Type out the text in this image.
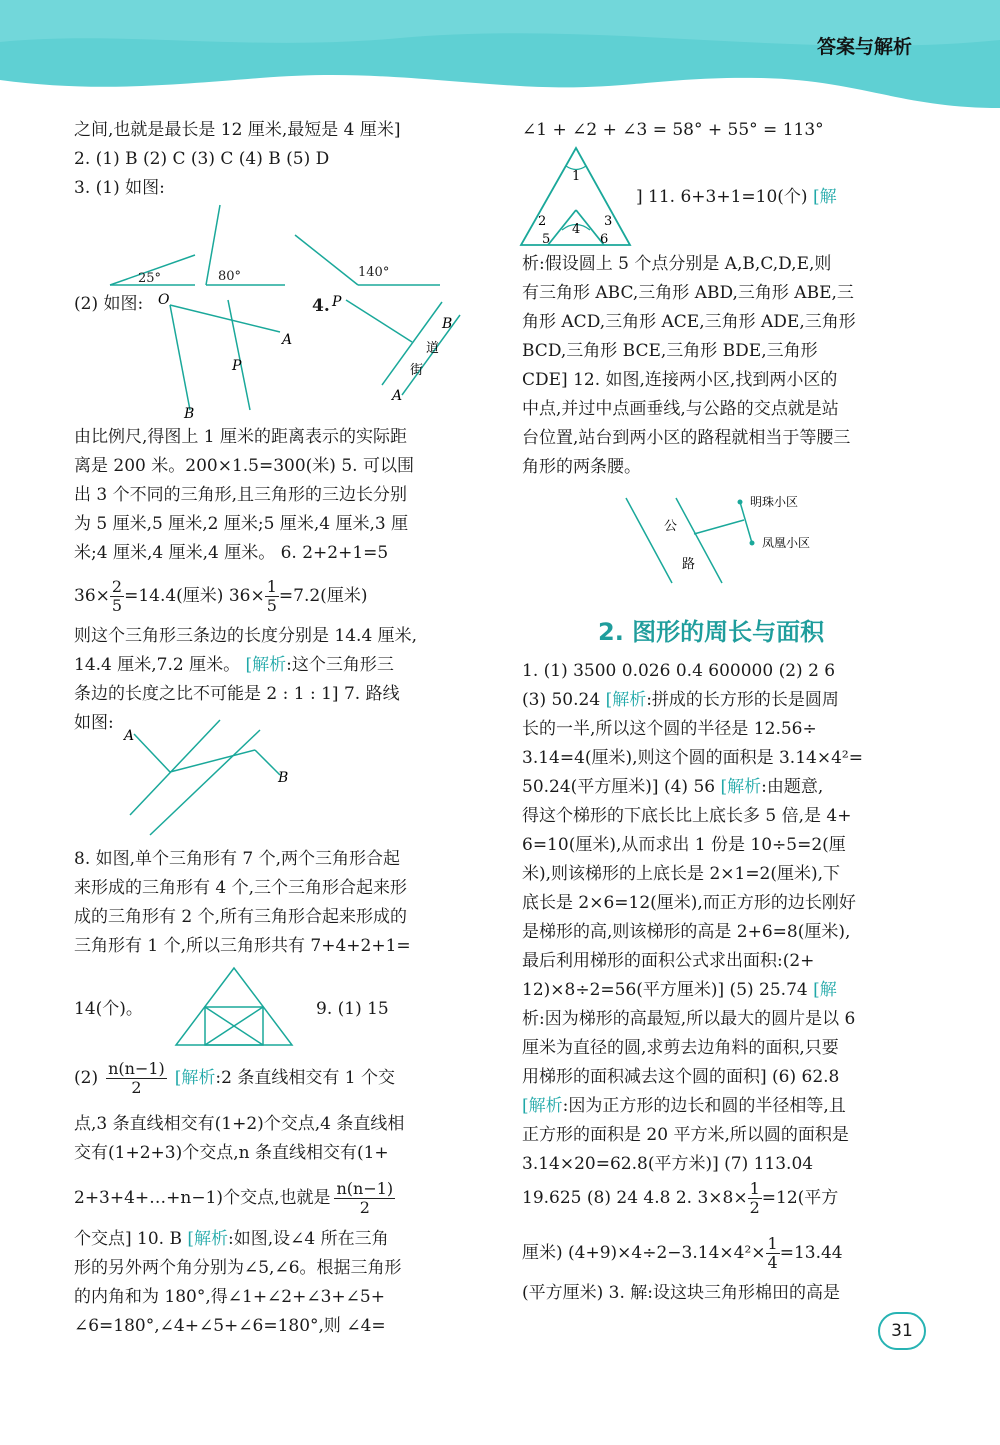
答案与解析

之间,也就是最长是 12 厘米,最短是 4 厘米]

2. (1) B (2) C (3) C (4) B (5) D

3. (1) 如图:

25°	80°	140°
(2) 如图:	4.
O
A
P
B
P
B
道
街
A

由比例尺,得图上 1 厘米的距离表示的实际距

离是 200 米。200×1.5=300(米) 5. 可以围

出 3 个不同的三角形,且三角形的三边长分别

为 5 厘米,5 厘米,2 厘米;5 厘米,4 厘米,3 厘

米;4 厘米,4 厘米,4 厘米。 6. 2+2+1=5

$36\times \frac{2}{5} =14.4$(厘米) $36\times \frac{1}{5} =7.2$(厘米)

则这个三角形三条边的长度分别是 14.4 厘米,

14.4 厘米,7.2 厘米。 [解析:这个三角形三

条边的长度之比不可能是 2 : 1 : 1] 7. 路线

如图:

A
B

8. 如图,单个三角形有 7 个,两个三角形合起

来形成的三角形有 4 个,三个三角形合起来形

成的三角形有 2 个,所有三角形合起来形成的

三角形有 1 个,所以三角形共有 7+4+2+1=

14(个)。	9. (1) 15
$(2) \frac{n(n-1)}{2}$ [解析:2 条直线相交有 1 个交

点,3 条直线相交有(1+2)个交点,4 条直线相

交有(1+2+3)个交点,n 条直线相交有(1+

2+3+4+…+n−1)个交点,也就是 $\frac{n(n-1)}{2}$

个交点] 10. B [解析:如图,设∠4 所在三角

形的另外两个角分别为∠5,∠6。根据三角形

的内角和为 180°,得∠1+∠2+∠3+∠5+

∠6=180°,∠4+∠5+∠6=180°,则 ∠4=

∠1 + ∠2 + ∠3 = 58° + 55° = 113°
1
2	3
4
5	6
] 11. 6+3+1=10(个) [解

析:假设圆上 5 个点分别是 A,B,C,D,E,则

有三角形 ABC,三角形 ABD,三角形 ABE,三

角形 ACD,三角形 ACE,三角形 ADE,三角形

BCD,三角形 BCE,三角形 BDE,三角形

CDE] 12. 如图,连接两小区,找到两小区的

中点,并过中点画垂线,与公路的交点就是站

台位置,站台到两小区的路程就相当于等腰三

角形的两条腰。

公
路
明珠小区
凤凰小区
2. 图形的周长与面积

1. (1) 3500 0.026 0.4 600000 (2) 2 6

(3) 50.24 [解析:拼成的长方形的长是圆周

长的一半,所以这个圆的半径是 12.56÷

3.14=4(厘米),则这个圆的面积是 3.14×4²=

50.24(平方厘米)] (4) 56 [解析:由题意,

得这个梯形的下底长比上底长多 5 倍,是 4+

6=10(厘米),从而求出 1 份是 10÷5=2(厘

米),则该梯形的上底长是 2×1=2(厘米),下

底长是 2×6=12(厘米),而正方形的边长刚好

是梯形的高,则该梯形的高是 2+6=8(厘米),

最后利用梯形的面积公式求出面积:(2+

12)×8÷2=56(平方厘米)] (5) 25.74 [解

析:因为梯形的高最短,所以最大的圆片是以 6

厘米为直径的圆,求剪去边角料的面积,只要

用梯形的面积减去这个圆的面积] (6) 62.8

[解析:因为正方形的边长和圆的半径相等,且

正方形的面积是 20 平方米,所以圆的面积是

3.14×20=62.8(平方米)] (7) 113.04

19.625 (8) 24 4.8 2. $3\times 8\times \frac{1}{2} =12$(平方
厘米) $(4+9)\times 4\div 2-3.14\times 4^2\times \frac{1}{4} =13.44$
(平方厘米) 3. 解:设这块三角形棉田的高是
31
